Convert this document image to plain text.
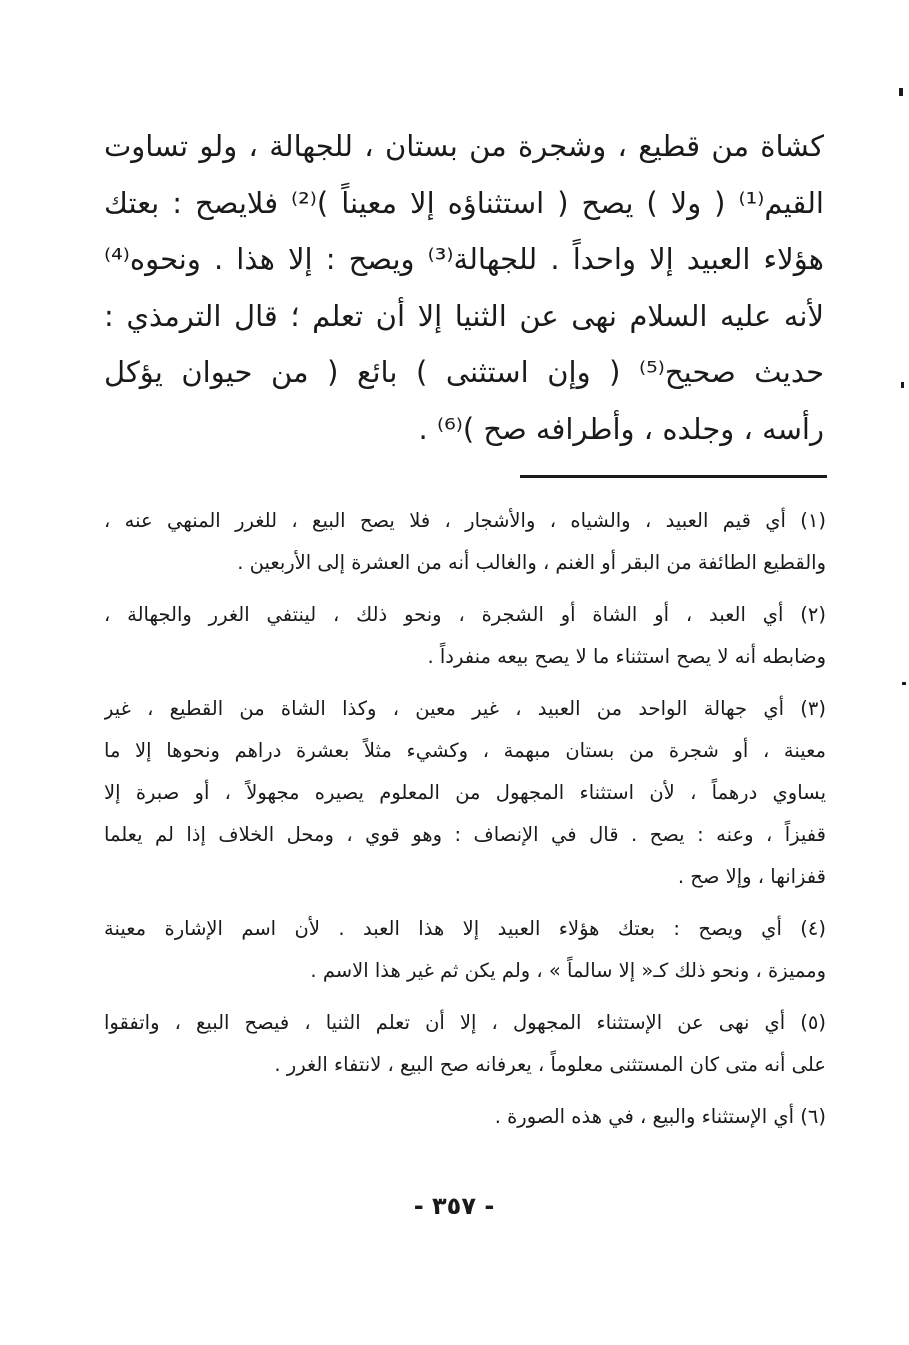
كشاة من قطيع ، وشجرة من بستان ، للجهالة ، ولو تساوت
القيم⁽¹⁾ ( ولا ) يصح ( استثناؤه إلا معيناً )⁽²⁾ فلايصح : بعتك
هؤلاء العبيد إلا واحداً . للجهالة⁽³⁾ ويصح : إلا هذا . ونحوه⁽⁴⁾
لأنه عليه السلام نهى عن الثنيا إلا أن تعلم ؛ قال الترمذي :
حديث صحيح⁽⁵⁾ ( وإن استثنى ) بائع ( من حيوان يؤكل
رأسه ، وجلده ، وأطرافه صح )⁽⁶⁾ .
(١) أي قيم العبيد ، والشياه ، والأشجار ، فلا يصح البيع ، للغرر المنهي عنه ،
والقطيع الطائفة من البقر أو الغنم ، والغالب أنه من العشرة إلى الأربعين .
(٢) أي العبد ، أو الشاة أو الشجرة ، ونحو ذلك ، لينتفي الغرر والجهالة ،
وضابطه أنه لا يصح استثناء ما لا يصح بيعه منفرداً .
(٣) أي جهالة الواحد من العبيد ، غير معين ، وكذا الشاة من القطيع ، غير
معينة ، أو شجرة من بستان مبهمة ، وكشيء مثلاً بعشرة دراهم ونحوها إلا ما
يساوي درهماً ، لأن استثناء المجهول من المعلوم يصيره مجهولاً ، أو صبرة إلا
قفيزاً ، وعنه : يصح . قال في الإنصاف : وهو قوي ، ومحل الخلاف إذا لم يعلما
قفزانها ، وإلا صح .
(٤) أي ويصح : بعتك هؤلاء العبيد إلا هذا العبد . لأن اسم الإشارة معينة
ومميزة ، ونحو ذلك كـ« إلا سالماً » ، ولم يكن ثم غير هذا الاسم .
(٥) أي نهى عن الإستثناء المجهول ، إلا أن تعلم الثنيا ، فيصح البيع ، واتفقوا
على أنه متى كان المستثنى معلوماً ، يعرفانه صح البيع ، لانتفاء الغرر .
(٦) أي الإستثناء والبيع ، في هذه الصورة .
- ٣٥٧ -
